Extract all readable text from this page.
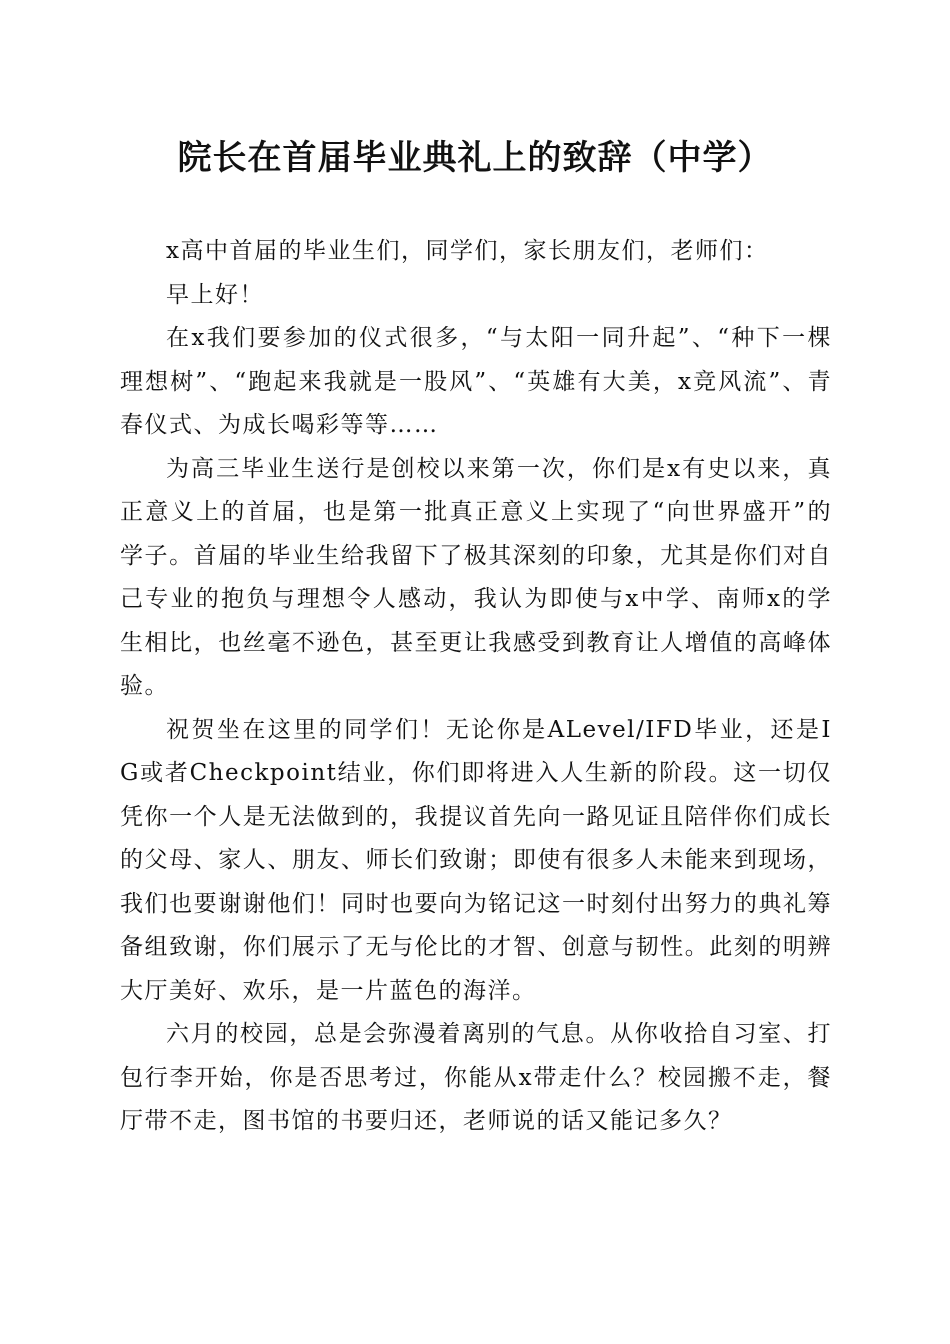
院长在首届毕业典礼上的致辞（中学）

x高中首届的毕业生们，同学们，家长朋友们，老师们：

早上好！

在x我们要参加的仪式很多，“与太阳一同升起”、“种下一棵理想树”、“跑起来我就是一股风”、“英雄有大美，x竞风流”、青春仪式、为成长喝彩等等……

为高三毕业生送行是创校以来第一次，你们是x有史以来，真正意义上的首届，也是第一批真正意义上实现了“向世界盛开”的学子。首届的毕业生给我留下了极其深刻的印象，尤其是你们对自己专业的抱负与理想令人感动，我认为即使与x中学、南师x的学生相比，也丝毫不逊色，甚至更让我感受到教育让人增值的高峰体验。

祝贺坐在这里的同学们！无论你是ALevel/IFD毕业，还是IG或者Checkpoint结业，你们即将进入人生新的阶段。这一切仅凭你一个人是无法做到的，我提议首先向一路见证且陪伴你们成长的父母、家人、朋友、师长们致谢；即使有很多人未能来到现场，我们也要谢谢他们！同时也要向为铭记这一时刻付出努力的典礼筹备组致谢，你们展示了无与伦比的才智、创意与韧性。此刻的明辨大厅美好、欢乐，是一片蓝色的海洋。

六月的校园，总是会弥漫着离别的气息。从你收拾自习室、打包行李开始，你是否思考过，你能从x带走什么？校园搬不走，餐厅带不走，图书馆的书要归还，老师说的话又能记多久？
